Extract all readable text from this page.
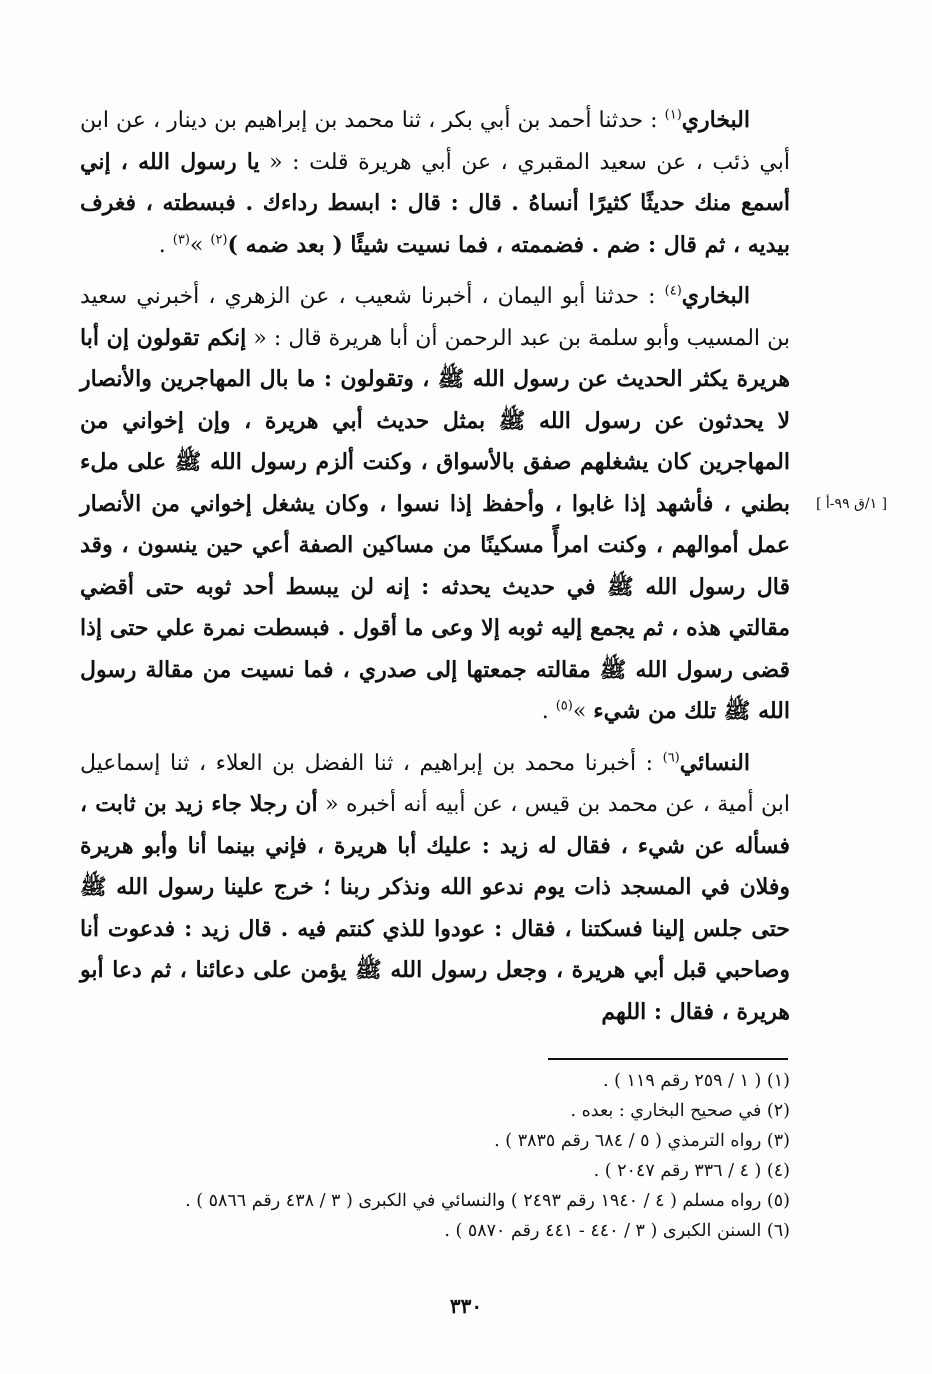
البخاري$^{(١)}$ : حدثنا أحمد بن أبي بكر ، ثنا محمد بن إبراهيم بن دينار ، عن ابن أبي ذئب ، عن سعيد المقبري ، عن أبي هريرة قلت : « يا رسول الله ، إني أسمع منك حديثًا كثيرًا أنساهُ . قال : قال : ابسط رداءك . فبسطته ، فغرف بيديه ، ثم قال : ضم . فضممته ، فما نسيت شيئًا ( بعد ضمه )$^{(٢)}$ »$^{(٣)}$ .

البخاري$^{(٤)}$ : حدثنا أبو اليمان ، أخبرنا شعيب ، عن الزهري ، أخبرني سعيد بن المسيب وأبو سلمة بن عبد الرحمن أن أبا هريرة قال : « إنكم تقولون إن أبا هريرة يكثر الحديث عن رسول الله ﷺ ، وتقولون : ما بال المهاجرين والأنصار لا يحدثون عن رسول الله ﷺ بمثل حديث أبي هريرة ، وإن إخواني من المهاجرين كان يشغلهم صفق بالأسواق ، وكنت ألزم رسول الله ﷺ على ملء بطني ، فأشهد إذا غابوا ، وأحفظ إذا نسوا ، وكان يشغل إخواني من الأنصار عمل أموالهم ، وكنت امرأً مسكينًا من مساكين الصفة أعي حين ينسون ، وقد قال رسول الله ﷺ في حديث يحدثه : إنه لن يبسط أحد ثوبه حتى أقضي مقالتي هذه ، ثم يجمع إليه ثوبه إلا وعى ما أقول . فبسطت نمرة علي حتى إذا قضى رسول الله ﷺ مقالته جمعتها إلى صدري ، فما نسيت من مقالة رسول الله ﷺ تلك من شيء »$^{(٥)}$ .

النسائي$^{(٦)}$ : أخبرنا محمد بن إبراهيم ، ثنا الفضل بن العلاء ، ثنا إسماعيل ابن أمية ، عن محمد بن قيس ، عن أبيه أنه أخبره « أن رجلا جاء زيد بن ثابت ، فسأله عن شيء ، فقال له زيد : عليك أبا هريرة ، فإني بينما أنا وأبو هريرة وفلان في المسجد ذات يوم ندعو الله ونذكر ربنا ؛ خرج علينا رسول الله ﷺ حتى جلس إلينا فسكتنا ، فقال : عودوا للذي كنتم فيه . قال زيد : فدعوت أنا وصاحبي قبل أبي هريرة ، وجعل رسول الله ﷺ يؤمن على دعائنا ، ثم دعا أبو هريرة ، فقال : اللهم

[ ١/ق ٩٩-أ ]

(١) ( ١ / ٢٥٩ رقم ١١٩ ) .

(٢) في صحيح البخاري : بعده .

(٣) رواه الترمذي ( ٥ / ٦٨٤ رقم ٣٨٣٥ ) .

(٤) ( ٤ / ٣٣٦ رقم ٢٠٤٧ ) .

(٥) رواه مسلم ( ٤ / ١٩٤٠ رقم ٢٤٩٣ ) والنسائي في الكبرى ( ٣ / ٤٣٨ رقم ٥٨٦٦ ) .

(٦) السنن الكبرى ( ٣ / ٤٤٠ - ٤٤١ رقم ٥٨٧٠ ) .

٣٣٠
